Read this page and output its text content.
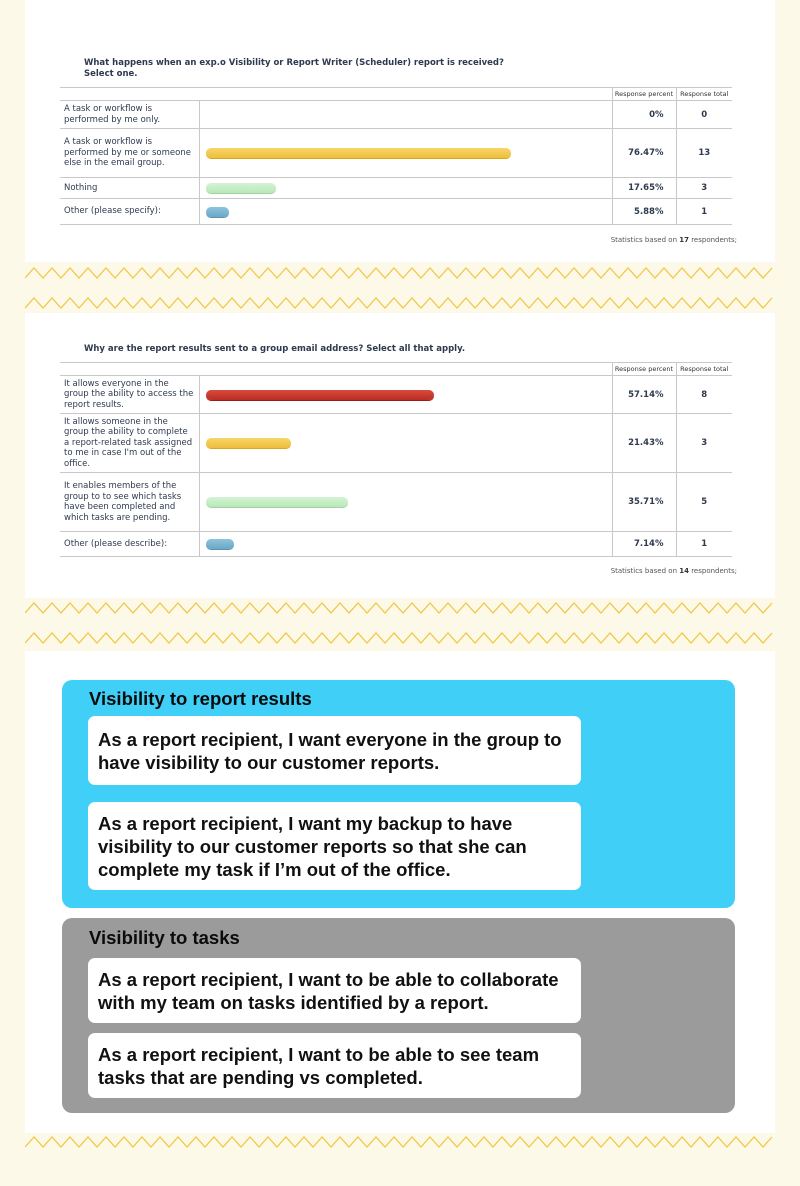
What happens when an exp.o Visibility or Report Writer (Scheduler) report is received?
Select one.

		Response percent	Response total
A task or workflow is performed by me only.		0%	0
A task or workflow is performed by me or someone else in the email group.		76.47%	13
Nothing		17.65%	3
Other (please specify):		5.88%	1
Statistics based on 17 respondents;

Why are the report results sent to a group email address? Select all that apply.

		Response percent	Response total
It allows everyone in the group the ability to access the report results.		57.14%	8
It allows someone in the group the ability to complete a report-related task assigned to me in case I'm out of the office.		21.43%	3
It enables members of the group to to see which tasks have been completed and which tasks are pending.		35.71%	5
Other (please describe):		7.14%	1
Statistics based on 14 respondents;
Visibility to report results
As a report recipient, I want everyone in the group to have visibility to our customer reports.
As a report recipient, I want my backup to have visibility to our customer reports so that she can complete my task if I’m out of the office.
Visibility to tasks
As a report recipient, I want to be able to collaborate with my team on tasks identified by a report.
As a report recipient, I want to be able to see team tasks that are pending vs completed.
